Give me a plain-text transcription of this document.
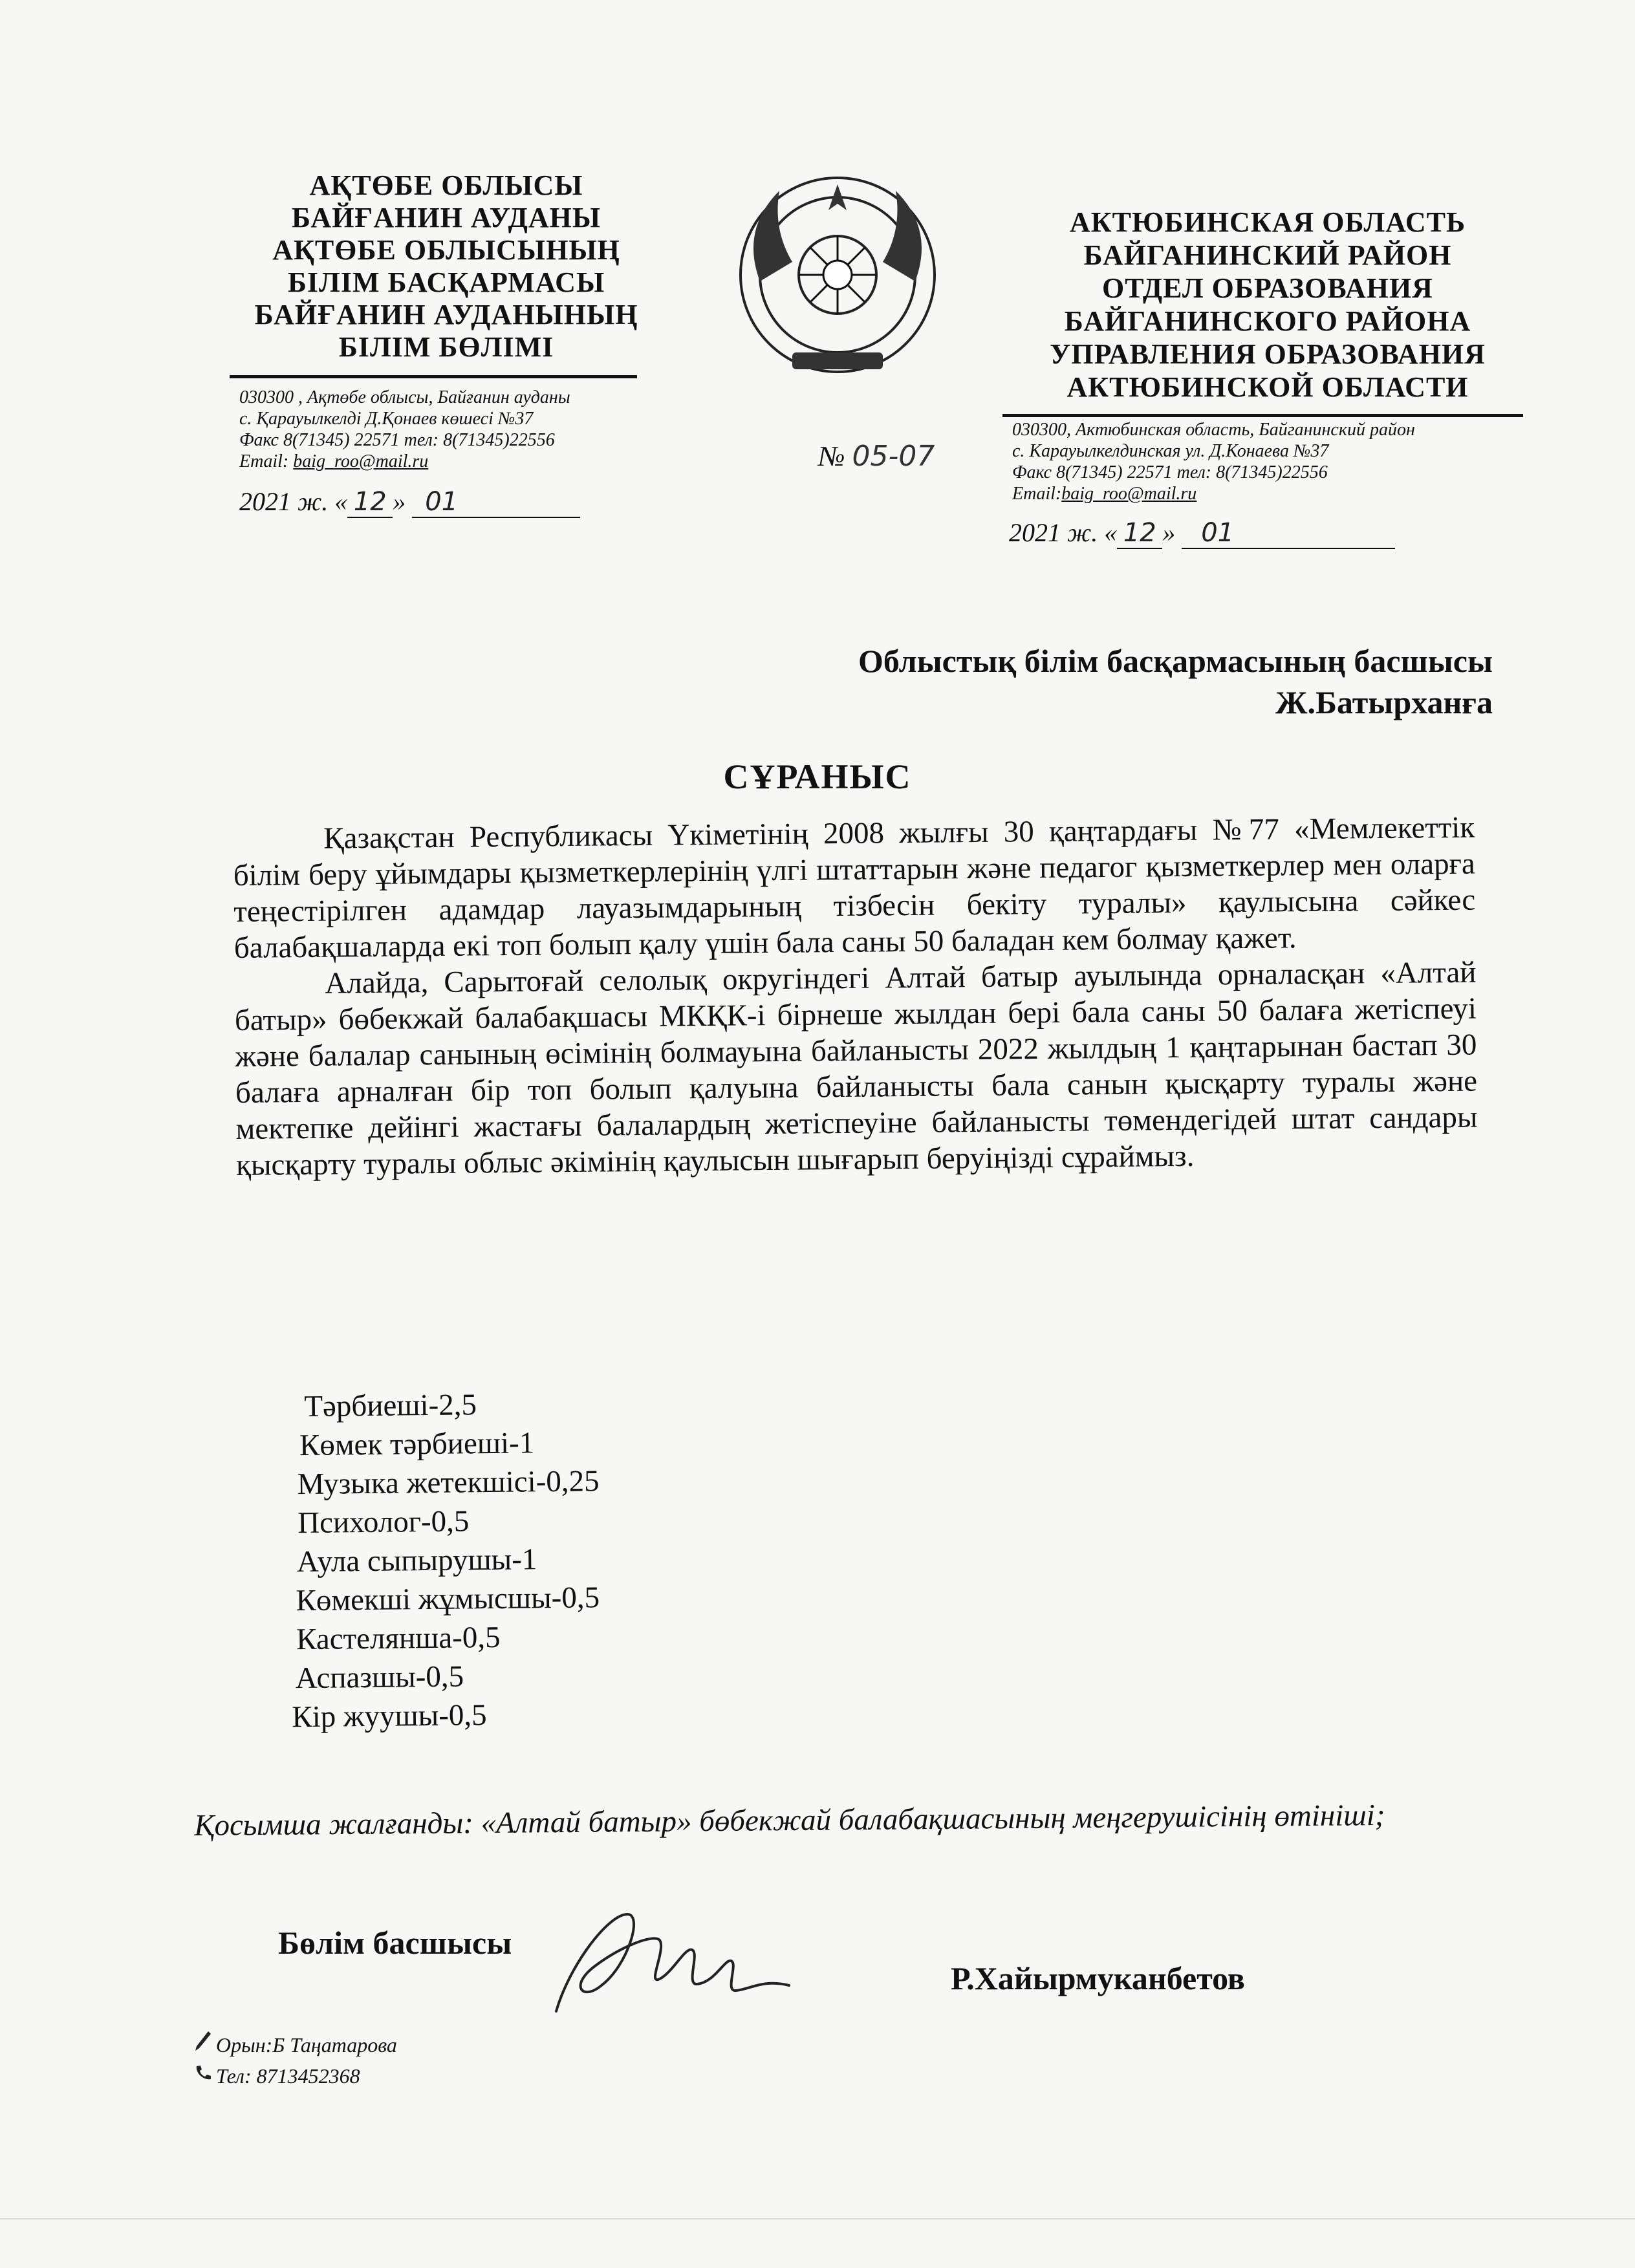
АҚТӨБЕ ОБЛЫСЫ
БАЙҒАНИН АУДАНЫ
АҚТӨБЕ ОБЛЫСЫНЫҢ
БІЛІМ БАСҚАРМАСЫ
БАЙҒАНИН АУДАНЫНЫҢ
БІЛІМ БӨЛІМІ
АКТЮБИНСКАЯ ОБЛАСТЬ
БАЙГАНИНСКИЙ РАЙОН
ОТДЕЛ ОБРАЗОВАНИЯ
БАЙГАНИНСКОГО РАЙОНА
УПРАВЛЕНИЯ ОБРАЗОВАНИЯ
АКТЮБИНСКОЙ ОБЛАСТИ
030300 , Ақтөбе облысы, Байғанин ауданы
с. Қарауылкелді Д.Қонаев көшесі №37
Факс 8(71345) 22571 тел: 8(71345)22556
Email: baig_roo@mail.ru
2021 ж. « 12 » 01
№ 05-07
030300, Актюбинская область, Байганинский район
с. Карауылкелдинская ул. Д.Конаева №37
Факс 8(71345) 22571 тел: 8(71345)22556
Email:baig_roo@mail.ru
2021 ж. « 12 » 01
Облыстық білім басқармасының басшысы
Ж.Батырханға
СҰРАНЫС

Қазақстан Республикасы Үкіметінің 2008 жылғы 30 қаңтардағы №77 «Мемлекеттік білім беру ұйымдары қызметкерлерінің үлгі штаттарын және педагог қызметкерлер мен оларға теңестірілген адамдар лауазымдарының тізбесін бекіту туралы» қаулысына сәйкес балабақшаларда екі топ болып қалу үшін бала саны 50 баладан кем болмау қажет.

Алайда, Сарытоғай селолық округіндегі Алтай батыр ауылында орналасқан «Алтай батыр» бөбекжай балабақшасы МКҚК-і бірнеше жылдан бері бала саны 50 балаға жетіспеуі және балалар санының өсімінің болмауына байланысты 2022 жылдың 1 қаңтарынан бастап 30 балаға арналған бір топ болып қалуына байланысты бала санын қысқарту туралы және мектепке дейінгі жастағы балалардың жетіспеуіне байланысты төмендегідей штат сандары қысқарту туралы облыс әкімінің қаулысын шығарып беруіңізді сұраймыз.

Тәрбиеші-2,5
Көмек тәрбиеші-1
Музыка жетекшісі-0,25
Психолог-0,5
Аула сыпырушы-1
Көмекші жұмысшы-0,5
Кастелянша-0,5
Аспазшы-0,5
Кір жуушы-0,5
Қосымша жалғанды: «Алтай батыр» бөбекжай балабақшасының меңгерушісінің өтініші;
Бөлім басшысы
Р.Хайырмуканбетов
Орын:Б Таңатарова
Тел: 8713452368
